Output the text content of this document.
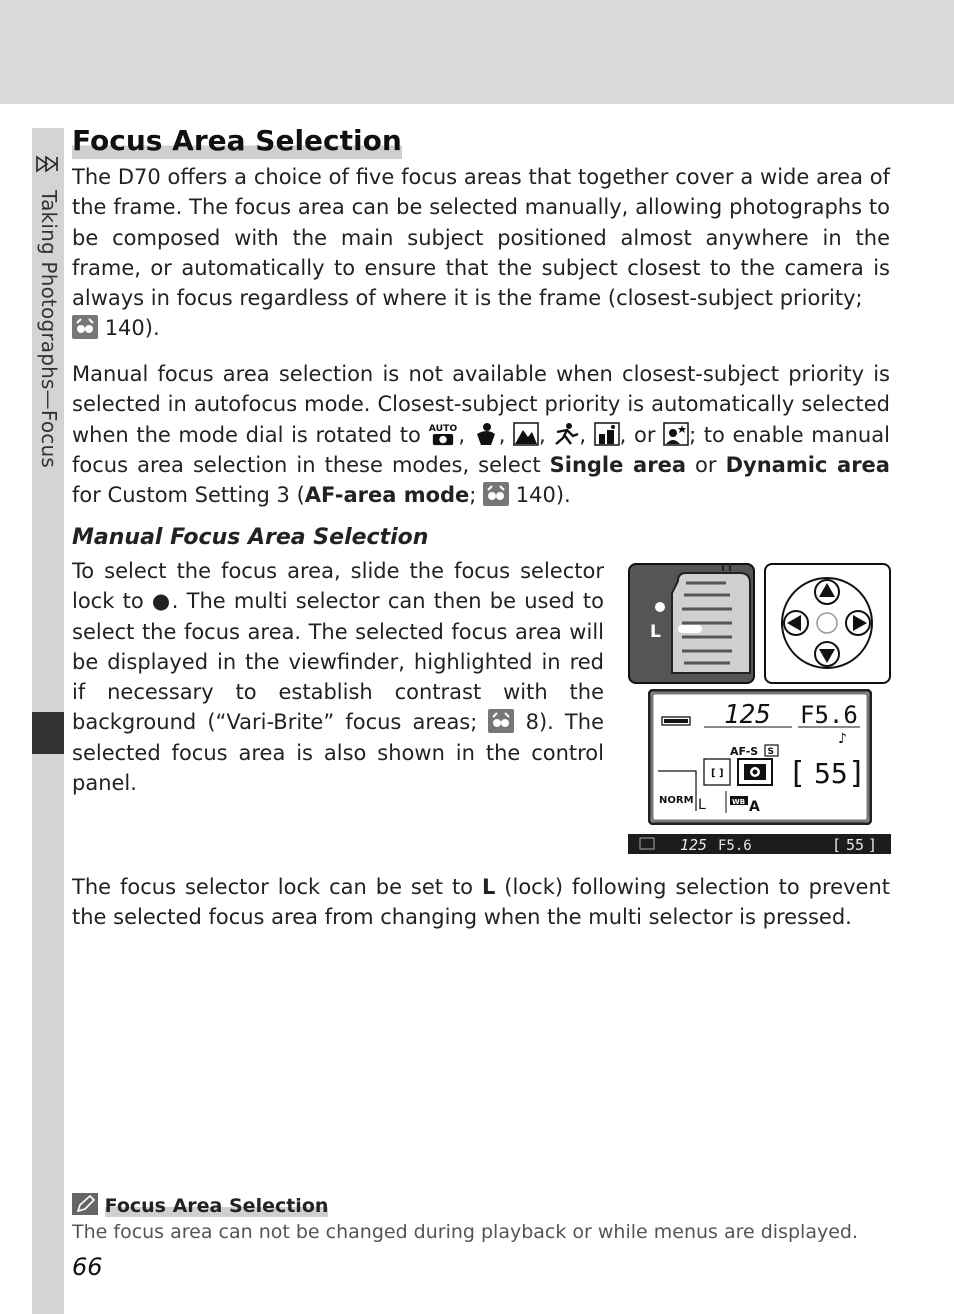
Taking Photographs—Focus
Focus Area Selection

The D70 offers a choice of five focus areas that together cover a wide area of the frame. The focus area can be selected manually, allowing photographs to be composed with the main subject positioned almost anywhere in the frame, or automatically to ensure that the subject closest to the camera is always in focus regardless of where it is the frame (closest-subject priority;
140).

Manual focus area selection is not available when closest-subject priority is selected in autofocus mode. Closest-subject priority is automatically selected when the mode dial is rotated to AUTO , , , , , or ; to enable manual focus area selection in these modes, select Single area or Dynamic area for Custom Setting 3 (AF-area mode; 140).

Manual Focus Area Selection

To select the focus area, slide the focus selector lock to ●. The multi selector can then be used to select the focus area. The selected focus area will be displayed in the viewfinder, highlighted in red if necessary to establish contrast with the background (“Vari-Brite” focus areas; 8). The selected focus area is also shown in the control panel.

L
125 F5.6
♪
AF-S S
[ ] [ 55 ]
NORM L	WB A
125 F5.6	[ 55 ]

The focus selector lock can be set to L (lock) following selection to prevent the selected focus area from changing when the multi selector is pressed.

Focus Area Selection
The focus area can not be changed during playback or while menus are displayed.
66
